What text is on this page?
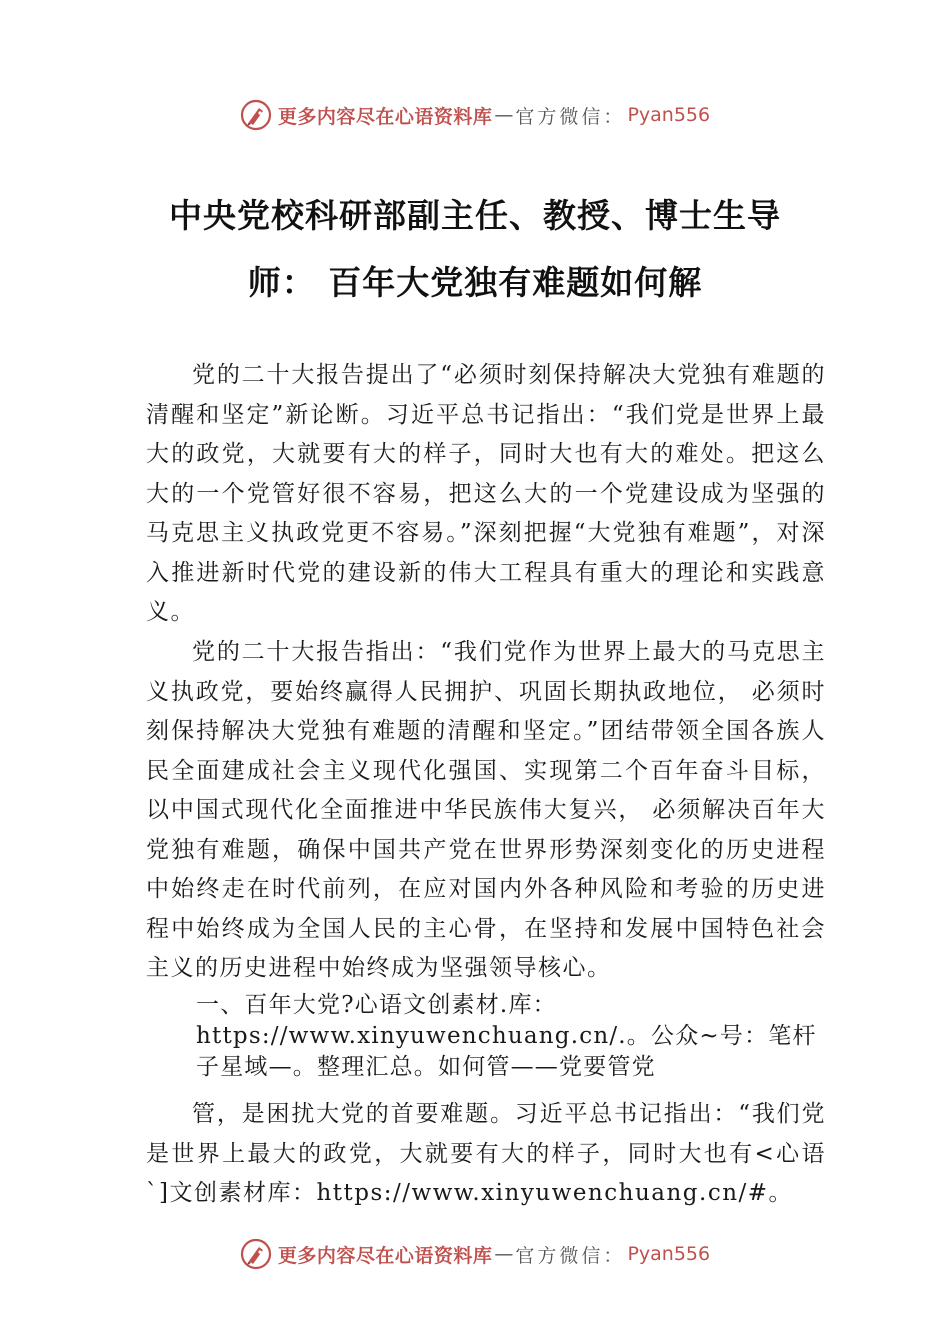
更多内容尽在心语资料库 — 官方微信： Pyan556
中央党校科研部副主任、教授、博士生导
师： 百年大党独有难题如何解

党的二十大报告提出了“必须时刻保持解决大党独有难题的清醒和坚定”新论断。习近平总书记指出：“我们党是世界上最大的政党，大就要有大的样子，同时大也有大的难处。把这么大的一个党管好很不容易，把这么大的一个党建设成为坚强的马克思主义执政党更不容易。”深刻把握“大党独有难题”，对深入推进新时代党的建设新的伟大工程具有重大的理论和实践意义。

党的二十大报告指出：“我们党作为世界上最大的马克思主义执政党，要始终赢得人民拥护、巩固长期执政地位， 必须时刻保持解决大党独有难题的清醒和坚定。”团结带领全国各族人民全面建成社会主义现代化强国、实现第二个百年奋斗目标，以中国式现代化全面推进中华民族伟大复兴， 必须解决百年大党独有难题，确保中国共产党在世界形势深刻变化的历史进程中始终走在时代前列，在应对国内外各种风险和考验的历史进程中始终成为全国人民的主心骨，在坚持和发展中国特色社会主义的历史进程中始终成为坚强领导核心。

一、百年大党?心语文创素材.库：https://www.xinyuwenchuang.cn/.。公众~号：笔杆子星域—。整理汇总。如何管——党要管党

管，是困扰大党的首要难题。习近平总书记指出：“我们党是世界上最大的政党，大就要有大的样子，同时大也有<心语`]文创素材库：https://www.xinyuwenchuang.cn/#。

更多内容尽在心语资料库 — 官方微信： Pyan556
